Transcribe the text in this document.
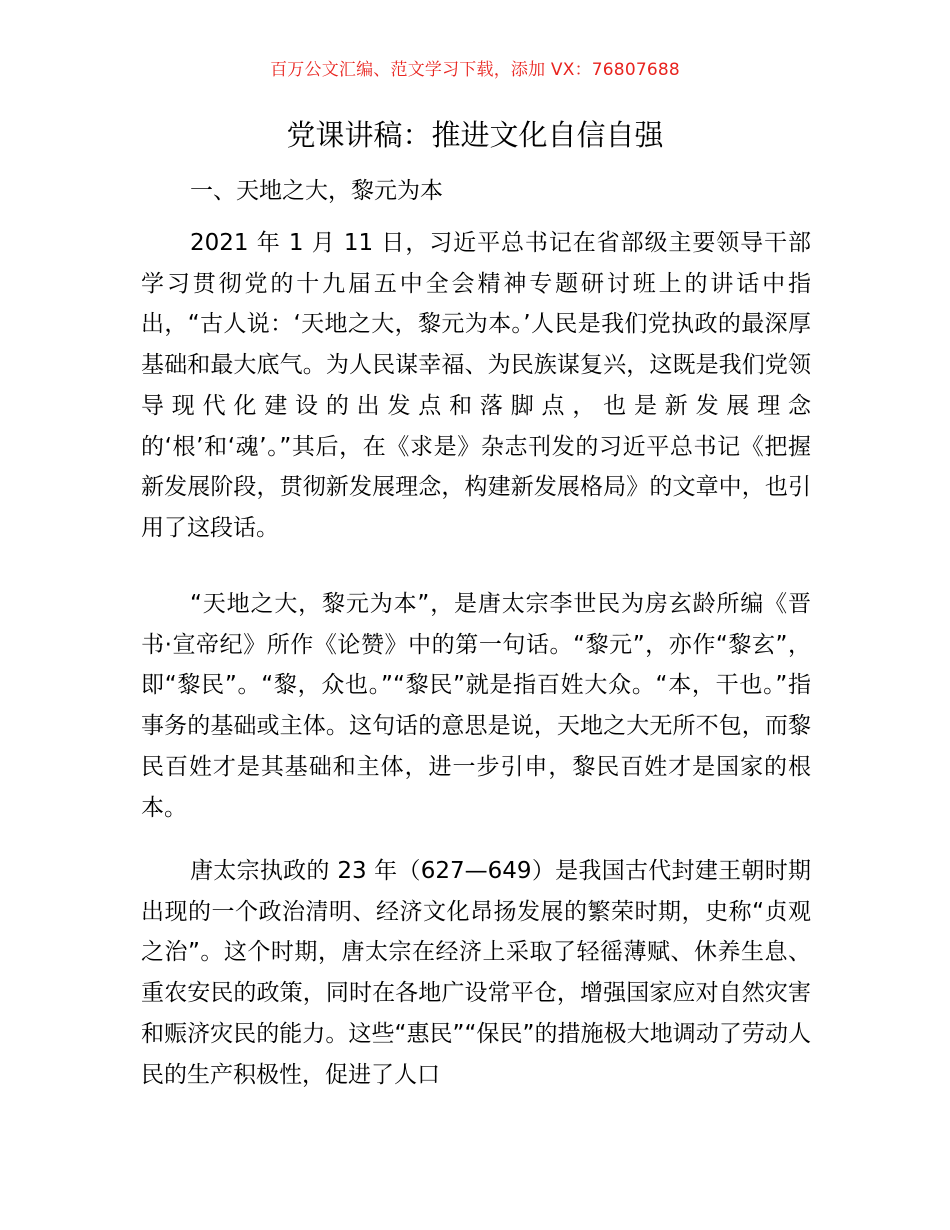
百万公文汇编、范文学习下载，添加 VX：76807688
党课讲稿：推进文化自信自强
一、天地之大，黎元为本

2021 年 1 月 11 日，习近平总书记在省部级主要领导干部学习贯彻党的十九届五中全会精神专题研讨班上的讲话中指出，“古人说：‘天地之大，黎元为本。’人民是我们党执政的最深厚基础和最大底气。为人民谋幸福、为民族谋复兴，这既是我们党领导现代化建设的出发点和落脚点，也是新发展理念的‘根’和‘魂’。”其后，在《求是》杂志刊发的习近平总书记《把握新发展阶段，贯彻新发展理念，构建新发展格局》的文章中，也引用了这段话。

“天地之大，黎元为本”，是唐太宗李世民为房玄龄所编《晋书·宣帝纪》所作《论赞》中的第一句话。“黎元”，亦作“黎玄”，即“黎民”。“黎，众也。”“黎民”就是指百姓大众。“本，干也。”指事务的基础或主体。这句话的意思是说，天地之大无所不包，而黎民百姓才是其基础和主体，进一步引申，黎民百姓才是国家的根本。

唐太宗执政的 23 年（627—649）是我国古代封建王朝时期出现的一个政治清明、经济文化昂扬发展的繁荣时期，史称“贞观之治”。这个时期，唐太宗在经济上采取了轻徭薄赋、休养生息、重农安民的政策，同时在各地广设常平仓，增强国家应对自然灾害和赈济灾民的能力。这些“惠民”“保民”的措施极大地调动了劳动人民的生产积极性，促进了人口
